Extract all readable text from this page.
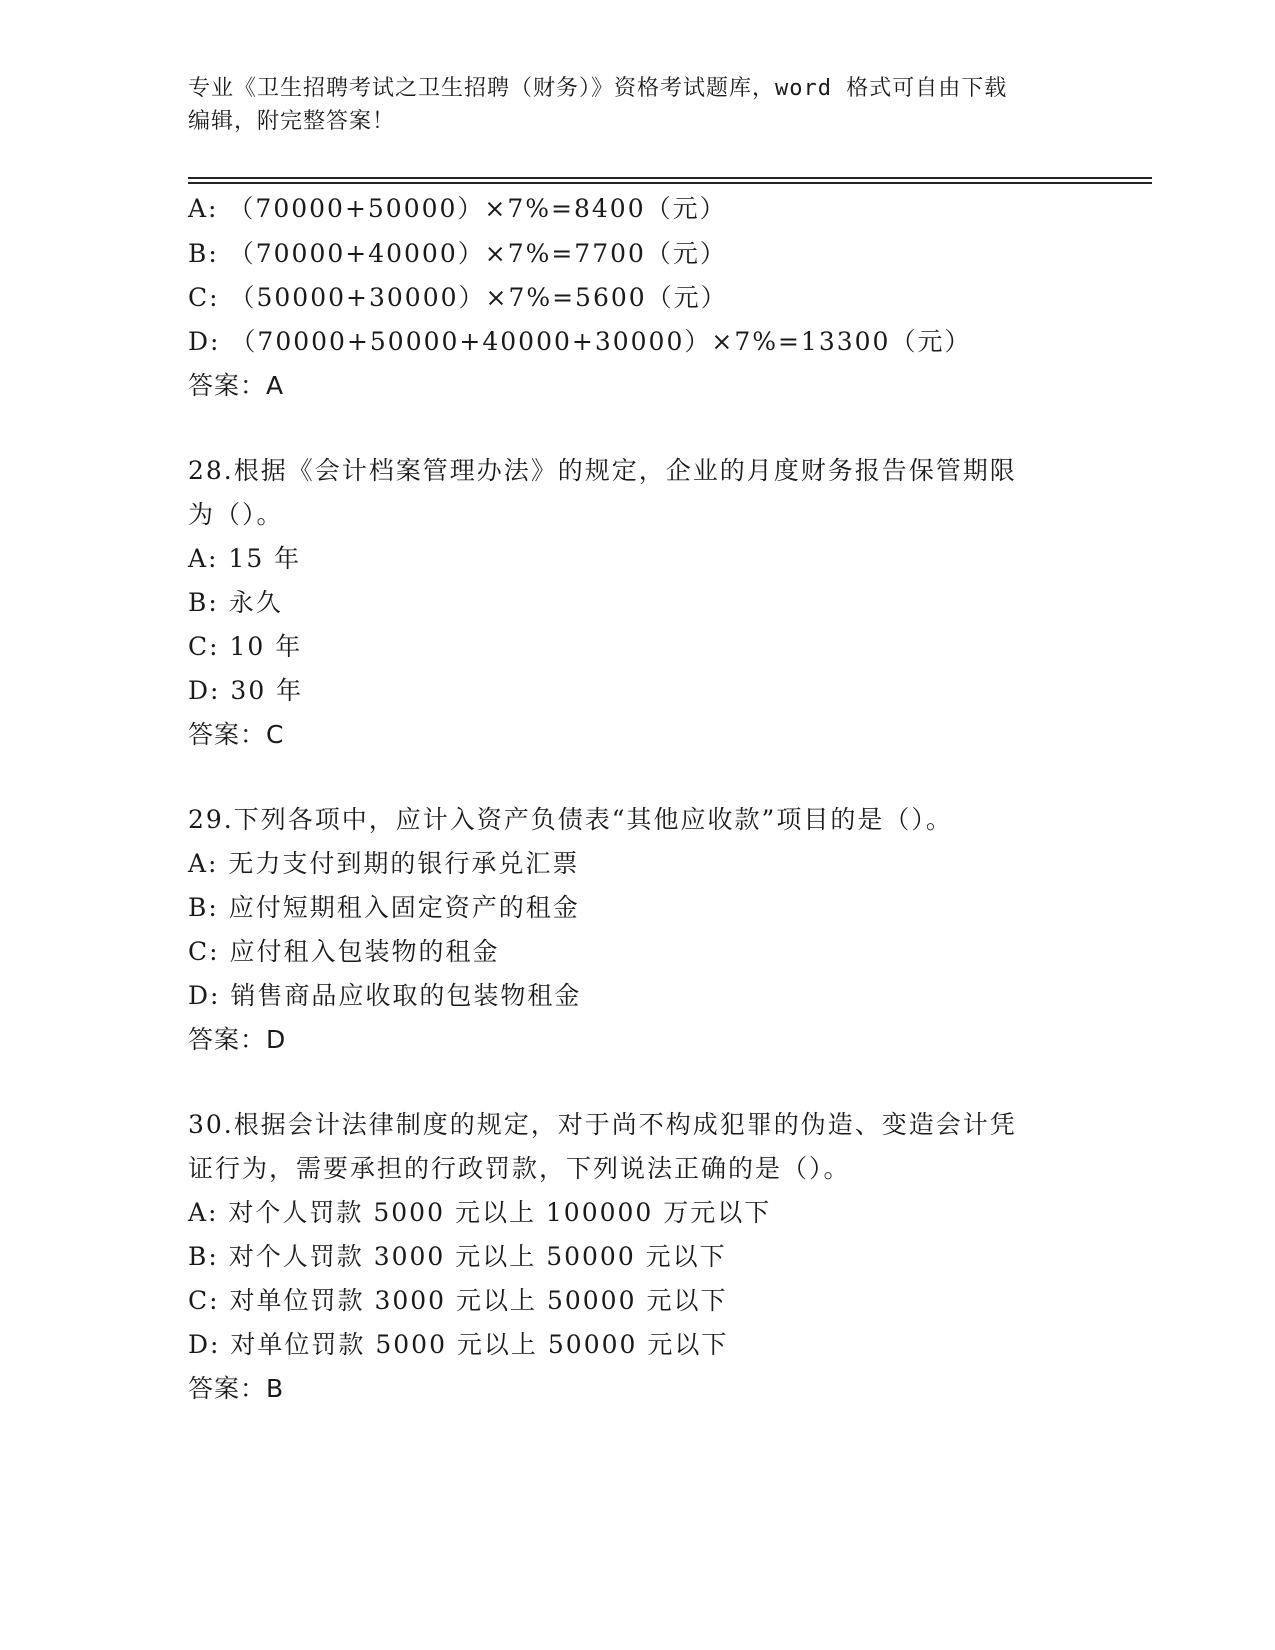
专业《卫生招聘考试之卫生招聘（财务）》资格考试题库，word 格式可自由下载
编辑，附完整答案！
A: （70000+50000）×7%=8400（元）
B: （70000+40000）×7%=7700（元）
C: （50000+30000）×7%=5600（元）
D: （70000+50000+40000+30000）×7%=13300（元）
答案：A
28.根据《会计档案管理办法》的规定，企业的月度财务报告保管期限
为（）。
A: 15 年
B: 永久
C: 10 年
D: 30 年
答案：C
29.下列各项中，应计入资产负债表“其他应收款”项目的是（）。
A: 无力支付到期的银行承兑汇票
B: 应付短期租入固定资产的租金
C: 应付租入包装物的租金
D: 销售商品应收取的包装物租金
答案：D
30.根据会计法律制度的规定，对于尚不构成犯罪的伪造、变造会计凭
证行为，需要承担的行政罚款，下列说法正确的是（）。
A: 对个人罚款 5000 元以上 100000 万元以下
B: 对个人罚款 3000 元以上 50000 元以下
C: 对单位罚款 3000 元以上 50000 元以下
D: 对单位罚款 5000 元以上 50000 元以下
答案：B
